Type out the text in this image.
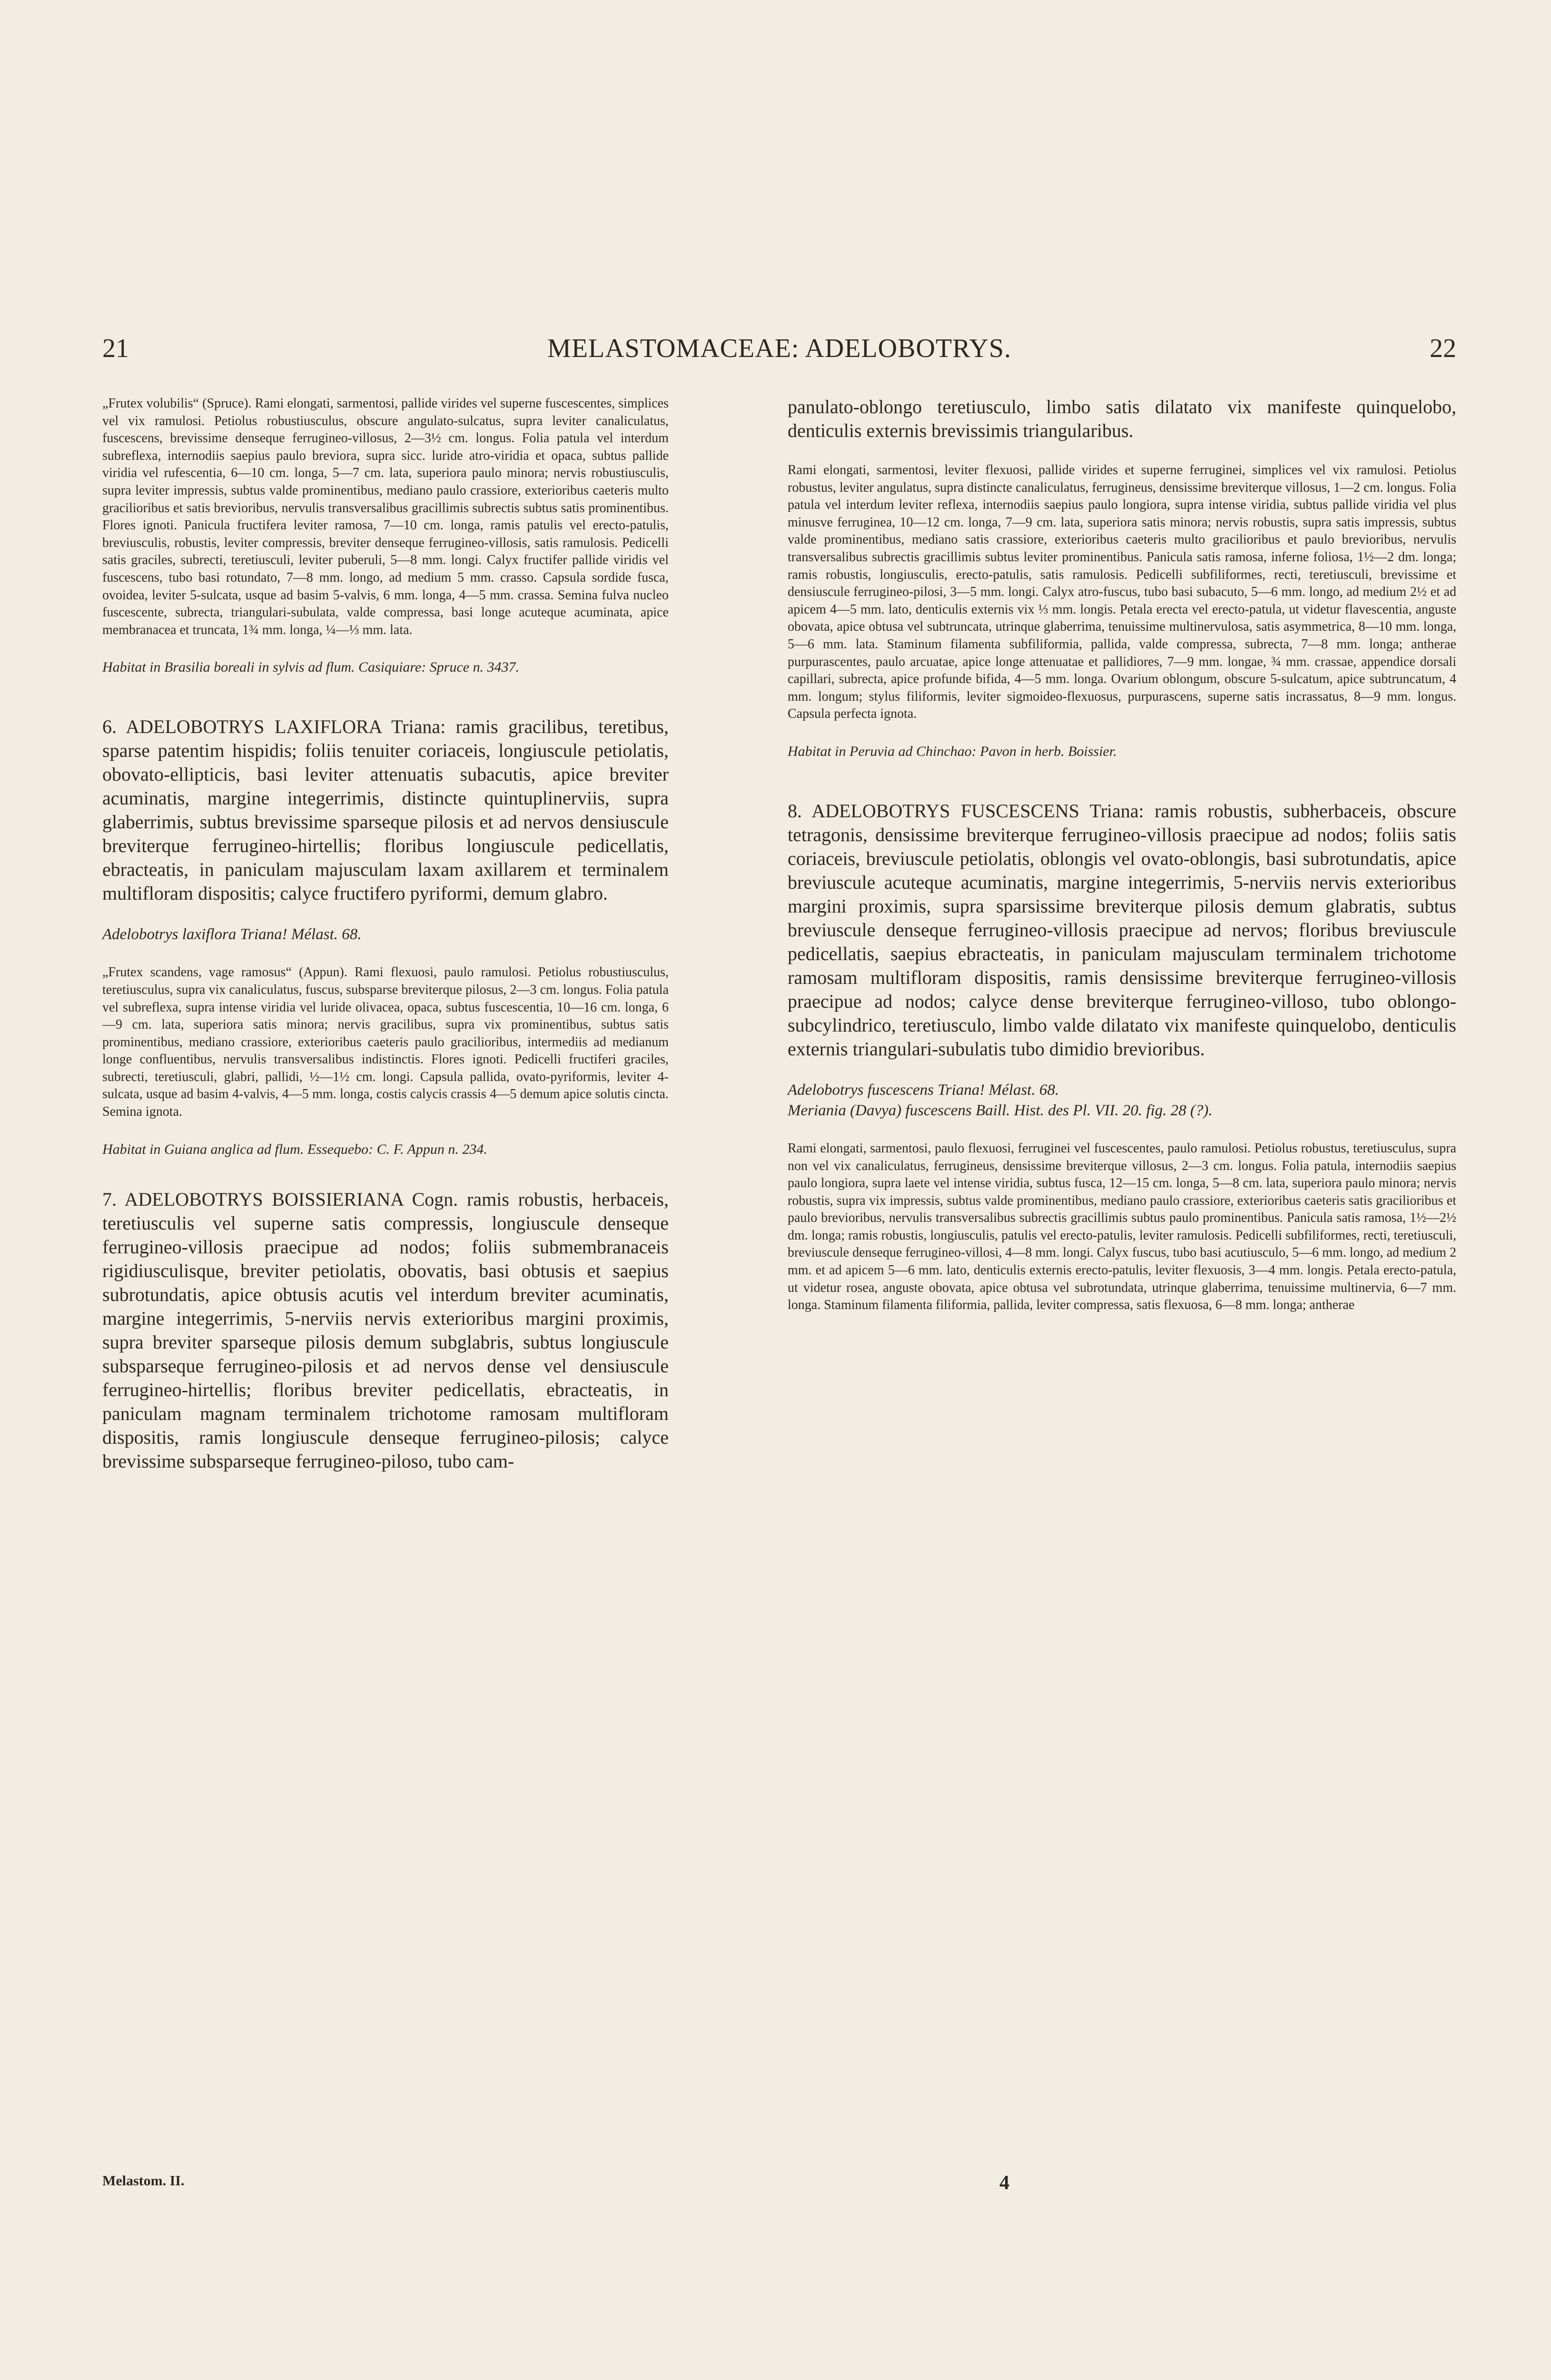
21	MELASTOMACEAE: ADELOBOTRYS.	22

„Frutex volubilis“ (Spruce). Rami elongati, sarmentosi, pallide virides vel superne fuscescentes, simplices vel vix ramulosi. Petiolus robustiusculus, obscure angulato-sulcatus, supra leviter canaliculatus, fuscescens, brevissime denseque ferrugineo-villosus, 2—3½ cm. longus. Folia patula vel interdum subreflexa, internodiis saepius paulo breviora, supra sicc. luride atro-viridia et opaca, subtus pallide viridia vel rufescentia, 6—10 cm. longa, 5—7 cm. lata, superiora paulo minora; nervis robustiusculis, supra leviter impressis, subtus valde prominentibus, mediano paulo crassiore, exterioribus caeteris multo gracilioribus et satis brevioribus, nervulis transversalibus gracillimis subrectis subtus satis prominentibus. Flores ignoti. Panicula fructifera leviter ramosa, 7—10 cm. longa, ramis patulis vel erecto-patulis, breviusculis, robustis, leviter compressis, breviter denseque ferrugineo-villosis, satis ramulosis. Pedicelli satis graciles, subrecti, teretiusculi, leviter puberuli, 5—8 mm. longi. Calyx fructifer pallide viridis vel fuscescens, tubo basi rotundato, 7—8 mm. longo, ad medium 5 mm. crasso. Capsula sordide fusca, ovoidea, leviter 5-sulcata, usque ad basim 5-valvis, 6 mm. longa, 4—5 mm. crassa. Semina fulva nucleo fuscescente, subrecta, triangulari-subulata, valde compressa, basi longe acuteque acuminata, apice membranacea et truncata, 1¾ mm. longa, ¼—⅓ mm. lata.

Habitat in Brasilia boreali in sylvis ad flum. Casiquiare: Spruce n. 3437.

6. ADELOBOTRYS LAXIFLORA Triana: ramis gracilibus, teretibus, sparse patentim hispidis; foliis tenuiter coriaceis, longiuscule petiolatis, obovato-ellipticis, basi leviter attenuatis subacutis, apice breviter acuminatis, margine integerrimis, distincte quintuplinerviis, supra glaberrimis, subtus brevissime sparseque pilosis et ad nervos densiuscule breviterque ferrugineo-hirtellis; floribus longiuscule pedicellatis, ebracteatis, in paniculam majusculam laxam axillarem et terminalem multifloram dispositis; calyce fructifero pyriformi, demum glabro.

Adelobotrys laxiflora Triana! Mélast. 68.

„Frutex scandens, vage ramosus“ (Appun). Rami flexuosi, paulo ramulosi. Petiolus robustiusculus, teretiusculus, supra vix canaliculatus, fuscus, subsparse breviterque pilosus, 2—3 cm. longus. Folia patula vel subreflexa, supra intense viridia vel luride olivacea, opaca, subtus fuscescentia, 10—16 cm. longa, 6—9 cm. lata, superiora satis minora; nervis gracilibus, supra vix prominentibus, subtus satis prominentibus, mediano crassiore, exterioribus caeteris paulo gracilioribus, intermediis ad medianum longe confluentibus, nervulis transversalibus indistinctis. Flores ignoti. Pedicelli fructiferi graciles, subrecti, teretiusculi, glabri, pallidi, ½—1½ cm. longi. Capsula pallida, ovato-pyriformis, leviter 4-sulcata, usque ad basim 4-valvis, 4—5 mm. longa, costis calycis crassis 4—5 demum apice solutis cincta. Semina ignota.

Habitat in Guiana anglica ad flum. Essequebo: C. F. Appun n. 234.

7. ADELOBOTRYS BOISSIERIANA Cogn. ramis robustis, herbaceis, teretiusculis vel superne satis compressis, longiuscule denseque ferrugineo-villosis praecipue ad nodos; foliis submembranaceis rigidiusculisque, breviter petiolatis, obovatis, basi obtusis et saepius subrotundatis, apice obtusis acutis vel interdum breviter acuminatis, margine integerrimis, 5-nerviis nervis exterioribus margini proximis, supra breviter sparseque pilosis demum subglabris, subtus longiuscule subsparseque ferrugineo-pilosis et ad nervos dense vel densiuscule ferrugineo-hirtellis; floribus breviter pedicellatis, ebracteatis, in paniculam magnam terminalem trichotome ramosam multifloram dispositis, ramis longiuscule denseque ferrugineo-pilosis; calyce brevissime subsparseque ferrugineo-piloso, tubo cam-

panulato-oblongo teretiusculo, limbo satis dilatato vix manifeste quinquelobo, denticulis externis brevissimis triangularibus.

Rami elongati, sarmentosi, leviter flexuosi, pallide virides et superne ferruginei, simplices vel vix ramulosi. Petiolus robustus, leviter angulatus, supra distincte canaliculatus, ferrugineus, densissime breviterque villosus, 1—2 cm. longus. Folia patula vel interdum leviter reflexa, internodiis saepius paulo longiora, supra intense viridia, subtus pallide viridia vel plus minusve ferruginea, 10—12 cm. longa, 7—9 cm. lata, superiora satis minora; nervis robustis, supra satis impressis, subtus valde prominentibus, mediano satis crassiore, exterioribus caeteris multo gracilioribus et paulo brevioribus, nervulis transversalibus subrectis gracillimis subtus leviter prominentibus. Panicula satis ramosa, inferne foliosa, 1½—2 dm. longa; ramis robustis, longiusculis, erecto-patulis, satis ramulosis. Pedicelli subfiliformes, recti, teretiusculi, brevissime et densiuscule ferrugineo-pilosi, 3—5 mm. longi. Calyx atro-fuscus, tubo basi subacuto, 5—6 mm. longo, ad medium 2½ et ad apicem 4—5 mm. lato, denticulis externis vix ⅓ mm. longis. Petala erecta vel erecto-patula, ut videtur flavescentia, anguste obovata, apice obtusa vel subtruncata, utrinque glaberrima, tenuissime multinervulosa, satis asymmetrica, 8—10 mm. longa, 5—6 mm. lata. Staminum filamenta subfiliformia, pallida, valde compressa, subrecta, 7—8 mm. longa; antherae purpurascentes, paulo arcuatae, apice longe attenuatae et pallidiores, 7—9 mm. longae, ¾ mm. crassae, appendice dorsali capillari, subrecta, apice profunde bifida, 4—5 mm. longa. Ovarium oblongum, obscure 5-sulcatum, apice subtruncatum, 4 mm. longum; stylus filiformis, leviter sigmoideo-flexuosus, purpurascens, superne satis incrassatus, 8—9 mm. longus. Capsula perfecta ignota.

Habitat in Peruvia ad Chinchao: Pavon in herb. Boissier.

8. ADELOBOTRYS FUSCESCENS Triana: ramis robustis, subherbaceis, obscure tetragonis, densissime breviterque ferrugineo-villosis praecipue ad nodos; foliis satis coriaceis, breviuscule petiolatis, oblongis vel ovato-oblongis, basi subrotundatis, apice breviuscule acuteque acuminatis, margine integerrimis, 5-nerviis nervis exterioribus margini proximis, supra sparsissime breviterque pilosis demum glabratis, subtus breviuscule denseque ferrugineo-villosis praecipue ad nervos; floribus breviuscule pedicellatis, saepius ebracteatis, in paniculam majusculam terminalem trichotome ramosam multifloram dispositis, ramis densissime breviterque ferrugineo-villosis praecipue ad nodos; calyce dense breviterque ferrugineo-villoso, tubo oblongo-subcylindrico, teretiusculo, limbo valde dilatato vix manifeste quinquelobo, denticulis externis triangulari-subulatis tubo dimidio brevioribus.

Adelobotrys fuscescens Triana! Mélast. 68.

Meriania (Davya) fuscescens Baill. Hist. des Pl. VII. 20. fig. 28 (?).

Rami elongati, sarmentosi, paulo flexuosi, ferruginei vel fuscescentes, paulo ramulosi. Petiolus robustus, teretiusculus, supra non vel vix canaliculatus, ferrugineus, densissime breviterque villosus, 2—3 cm. longus. Folia patula, internodiis saepius paulo longiora, supra laete vel intense viridia, subtus fusca, 12—15 cm. longa, 5—8 cm. lata, superiora paulo minora; nervis robustis, supra vix impressis, subtus valde prominentibus, mediano paulo crassiore, exterioribus caeteris satis gracilioribus et paulo brevioribus, nervulis transversalibus subrectis gracillimis subtus paulo prominentibus. Panicula satis ramosa, 1½—2½ dm. longa; ramis robustis, longiusculis, patulis vel erecto-patulis, leviter ramulosis. Pedicelli subfiliformes, recti, teretiusculi, breviuscule denseque ferrugineo-villosi, 4—8 mm. longi. Calyx fuscus, tubo basi acutiusculo, 5—6 mm. longo, ad medium 2 mm. et ad apicem 5—6 mm. lato, denticulis externis erecto-patulis, leviter flexuosis, 3—4 mm. longis. Petala erecto-patula, ut videtur rosea, anguste obovata, apice obtusa vel subrotundata, utrinque glaberrima, tenuissime multinervia, 6—7 mm. longa. Staminum filamenta filiformia, pallida, leviter compressa, satis flexuosa, 6—8 mm. longa; antherae

Melastom. II.	4
